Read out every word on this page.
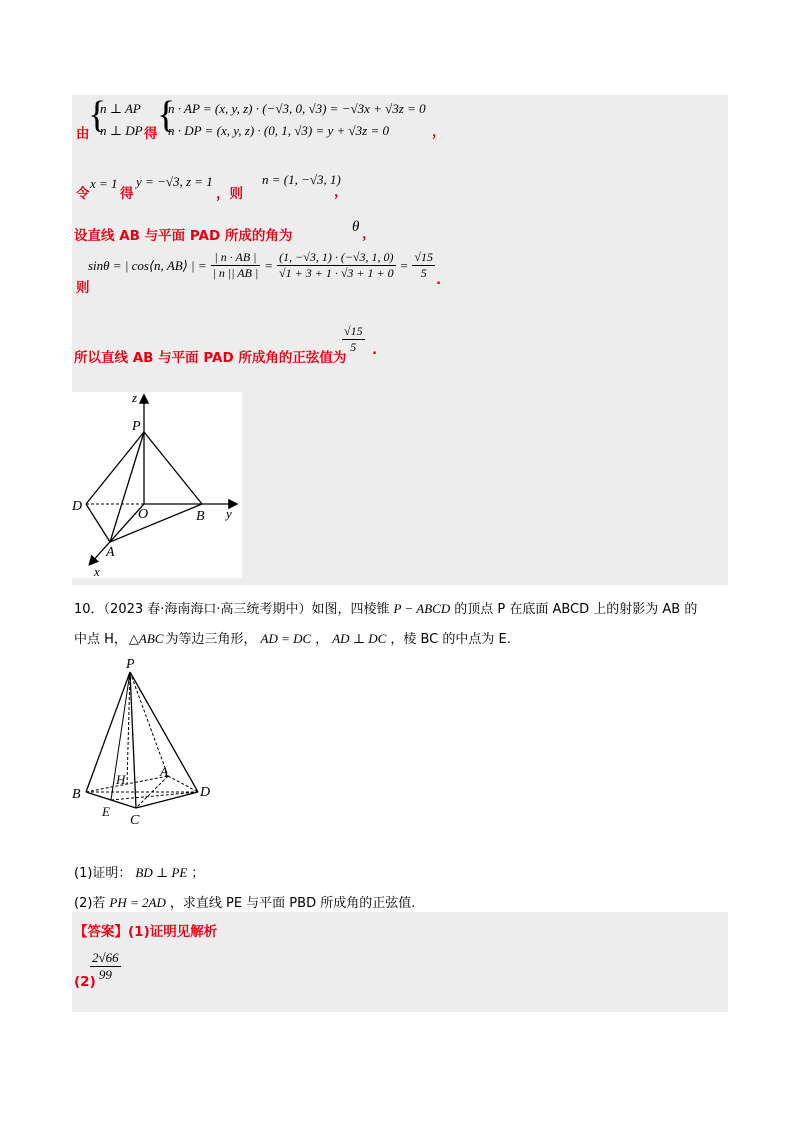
由
{
n ⊥ AP
n ⊥ DP 得 {
n · AP = (x, y, z) · (−√3, 0, √3) = −√3x + √3z = 0
n · DP = (x, y, z) · (0, 1, √3) = y + √3z = 0	，
令
x = 1
得
y = −√3, z = 1
，则
n = (1, −√3, 1)
，
设直线 AB 与平面 PAD 所成的角为
θ ，
则
sinθ = | cos⟨n, AB⟩ | = $\frac{| n \cdot AB |}{| n || AB |} = \frac{(1, -√3, 1) \cdot (-√3, 1, 0)}{√1 + 3 + 1 \cdot √3 + 1 + 0} = \frac{√15}{5}$ .
所以直线 AB 与平面 PAD 所成角的正弦值为
$\frac{√15}{5}$ .
z
P
D
O	B y
A
x
10．（2023 春·海南海口·高三统考期中）如图，四棱锥 P − ABCD 的顶点 P 在底面 ABCD 上的射影为 AB 的
中点 H， △ABC 为等边三角形， AD = DC ， AD ⊥ DC ，棱 BC 的中点为 E.
P
H
A
B	D
E
C
(1)证明： BD ⊥ PE ；
(2)若 PH = 2AD ，求直线 PE 与平面 PBD 所成角的正弦值.
【答案】(1)证明见解析
(2)
$\frac{2√66}{99}$
